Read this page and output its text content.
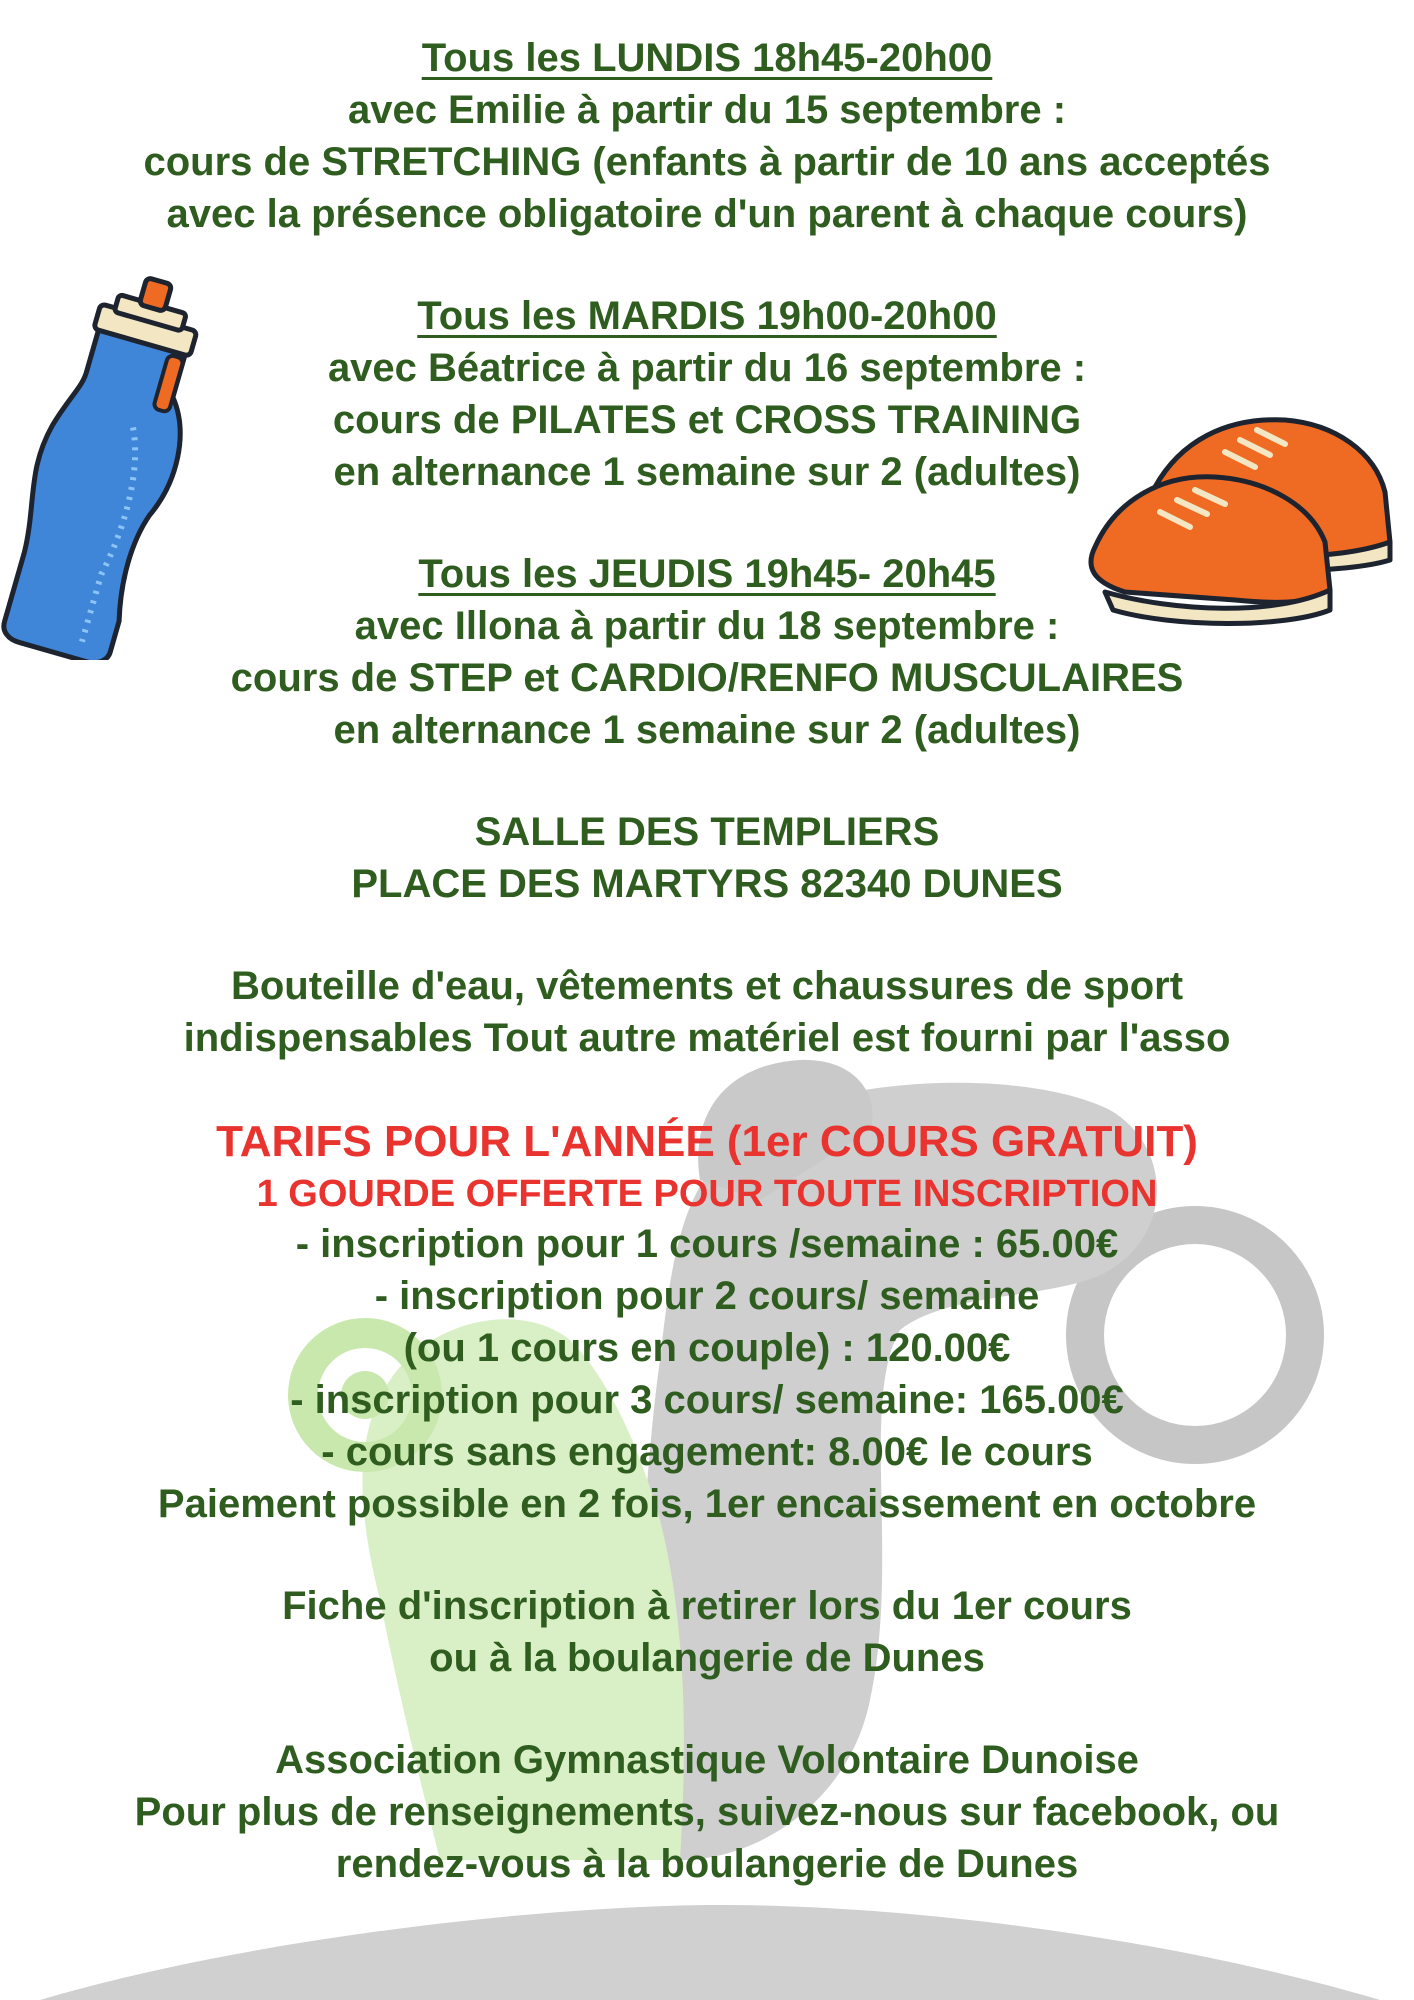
Tous les LUNDIS 18h45-20h00
avec Emilie à partir du 15 septembre :
cours de STRETCHING (enfants à partir de 10 ans acceptés
avec la présence obligatoire d'un parent à chaque cours)
Tous les MARDIS 19h00-20h00
avec Béatrice à partir du 16 septembre :
cours de PILATES et CROSS TRAINING
en alternance 1 semaine sur 2 (adultes)
Tous les JEUDIS 19h45- 20h45
avec Illona à partir du 18 septembre :
cours de STEP et CARDIO/RENFO MUSCULAIRES
en alternance 1 semaine sur 2 (adultes)
SALLE DES TEMPLIERS
PLACE DES MARTYRS 82340 DUNES
Bouteille d'eau, vêtements et chaussures de sport
indispensables Tout autre matériel est fourni par l'asso
TARIFS POUR L'ANNÉE (1er COURS GRATUIT)
1 GOURDE OFFERTE POUR TOUTE INSCRIPTION
- inscription pour 1 cours /semaine : 65.00€
- inscription pour 2 cours/ semaine
(ou 1 cours en couple) : 120.00€
- inscription pour 3 cours/ semaine: 165.00€
- cours sans engagement: 8.00€ le cours
Paiement possible en 2 fois, 1er encaissement en octobre
Fiche d'inscription à retirer lors du 1er cours
ou à la boulangerie de Dunes
Association Gymnastique Volontaire Dunoise
Pour plus de renseignements, suivez-nous sur facebook, ou
rendez-vous à la boulangerie de Dunes
